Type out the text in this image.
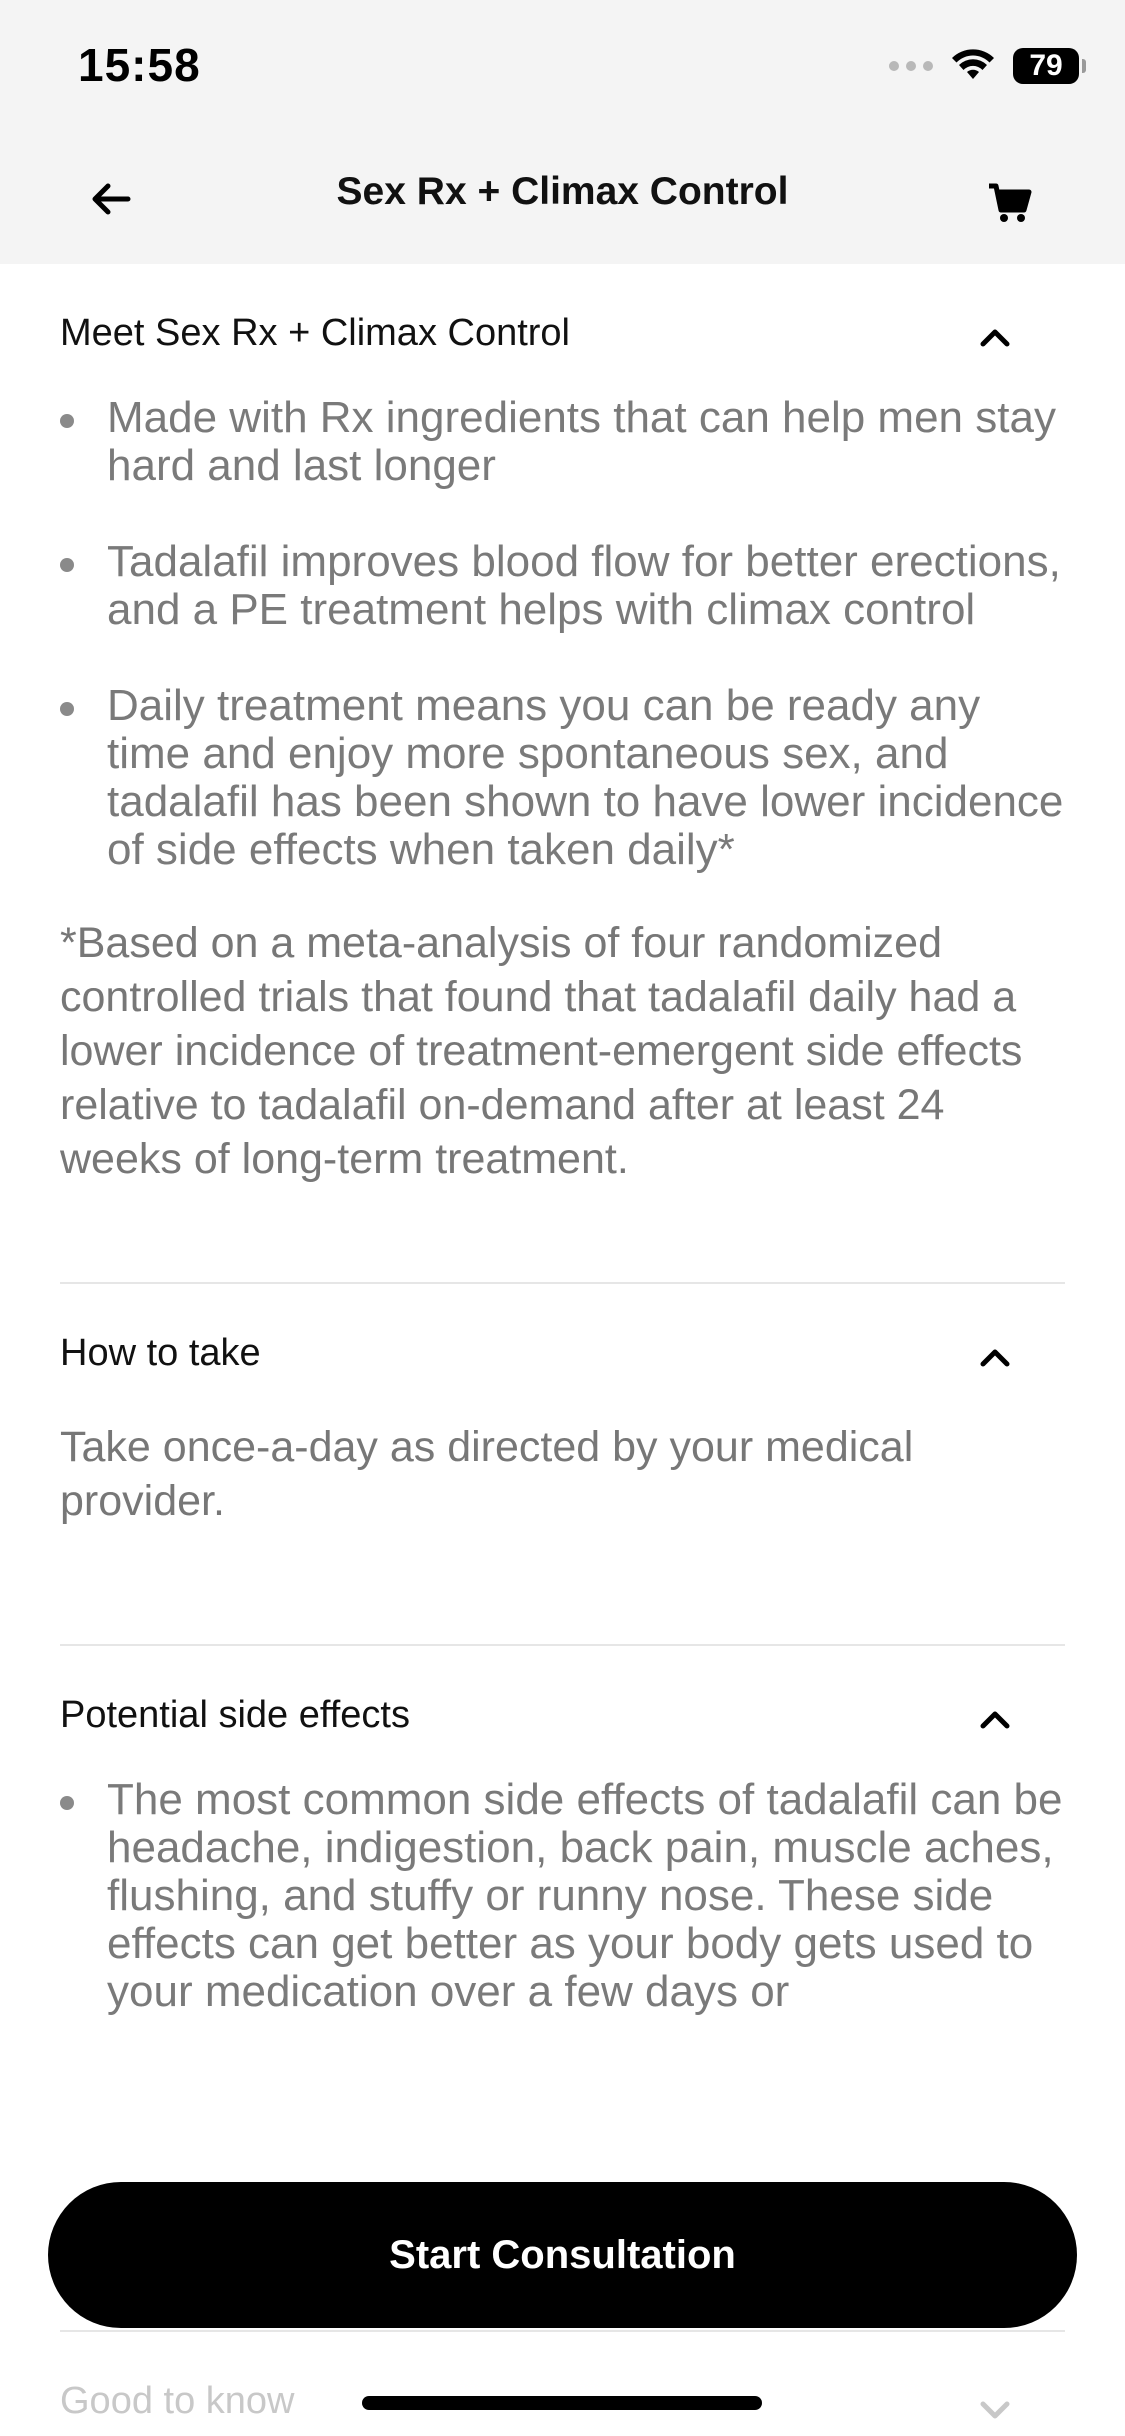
15:58	79
Sex Rx + Climax Control
Meet Sex Rx + Climax Control
Made with Rx ingredients that can help men stay hard and last longer
Tadalafil improves blood flow for better erections, and a PE treatment helps with climax control
Daily treatment means you can be ready any time and enjoy more spontaneous sex, and tadalafil has been shown to have lower incidence of side effects when taken daily*

*Based on a meta-analysis of four randomized controlled trials that found that tadalafil daily had a lower incidence of treatment-emergent side effects relative to tadalafil on-demand after at least 24 weeks of long-term treatment.

How to take

Take once-a-day as directed by your medical provider.

Potential side effects
The most common side effects of tadalafil can be headache, indigestion, back pain, muscle aches, flushing, and stuffy or runny nose. These side effects can get better as your body gets used to your medication over a few days or
Good to know
Start Consultation
